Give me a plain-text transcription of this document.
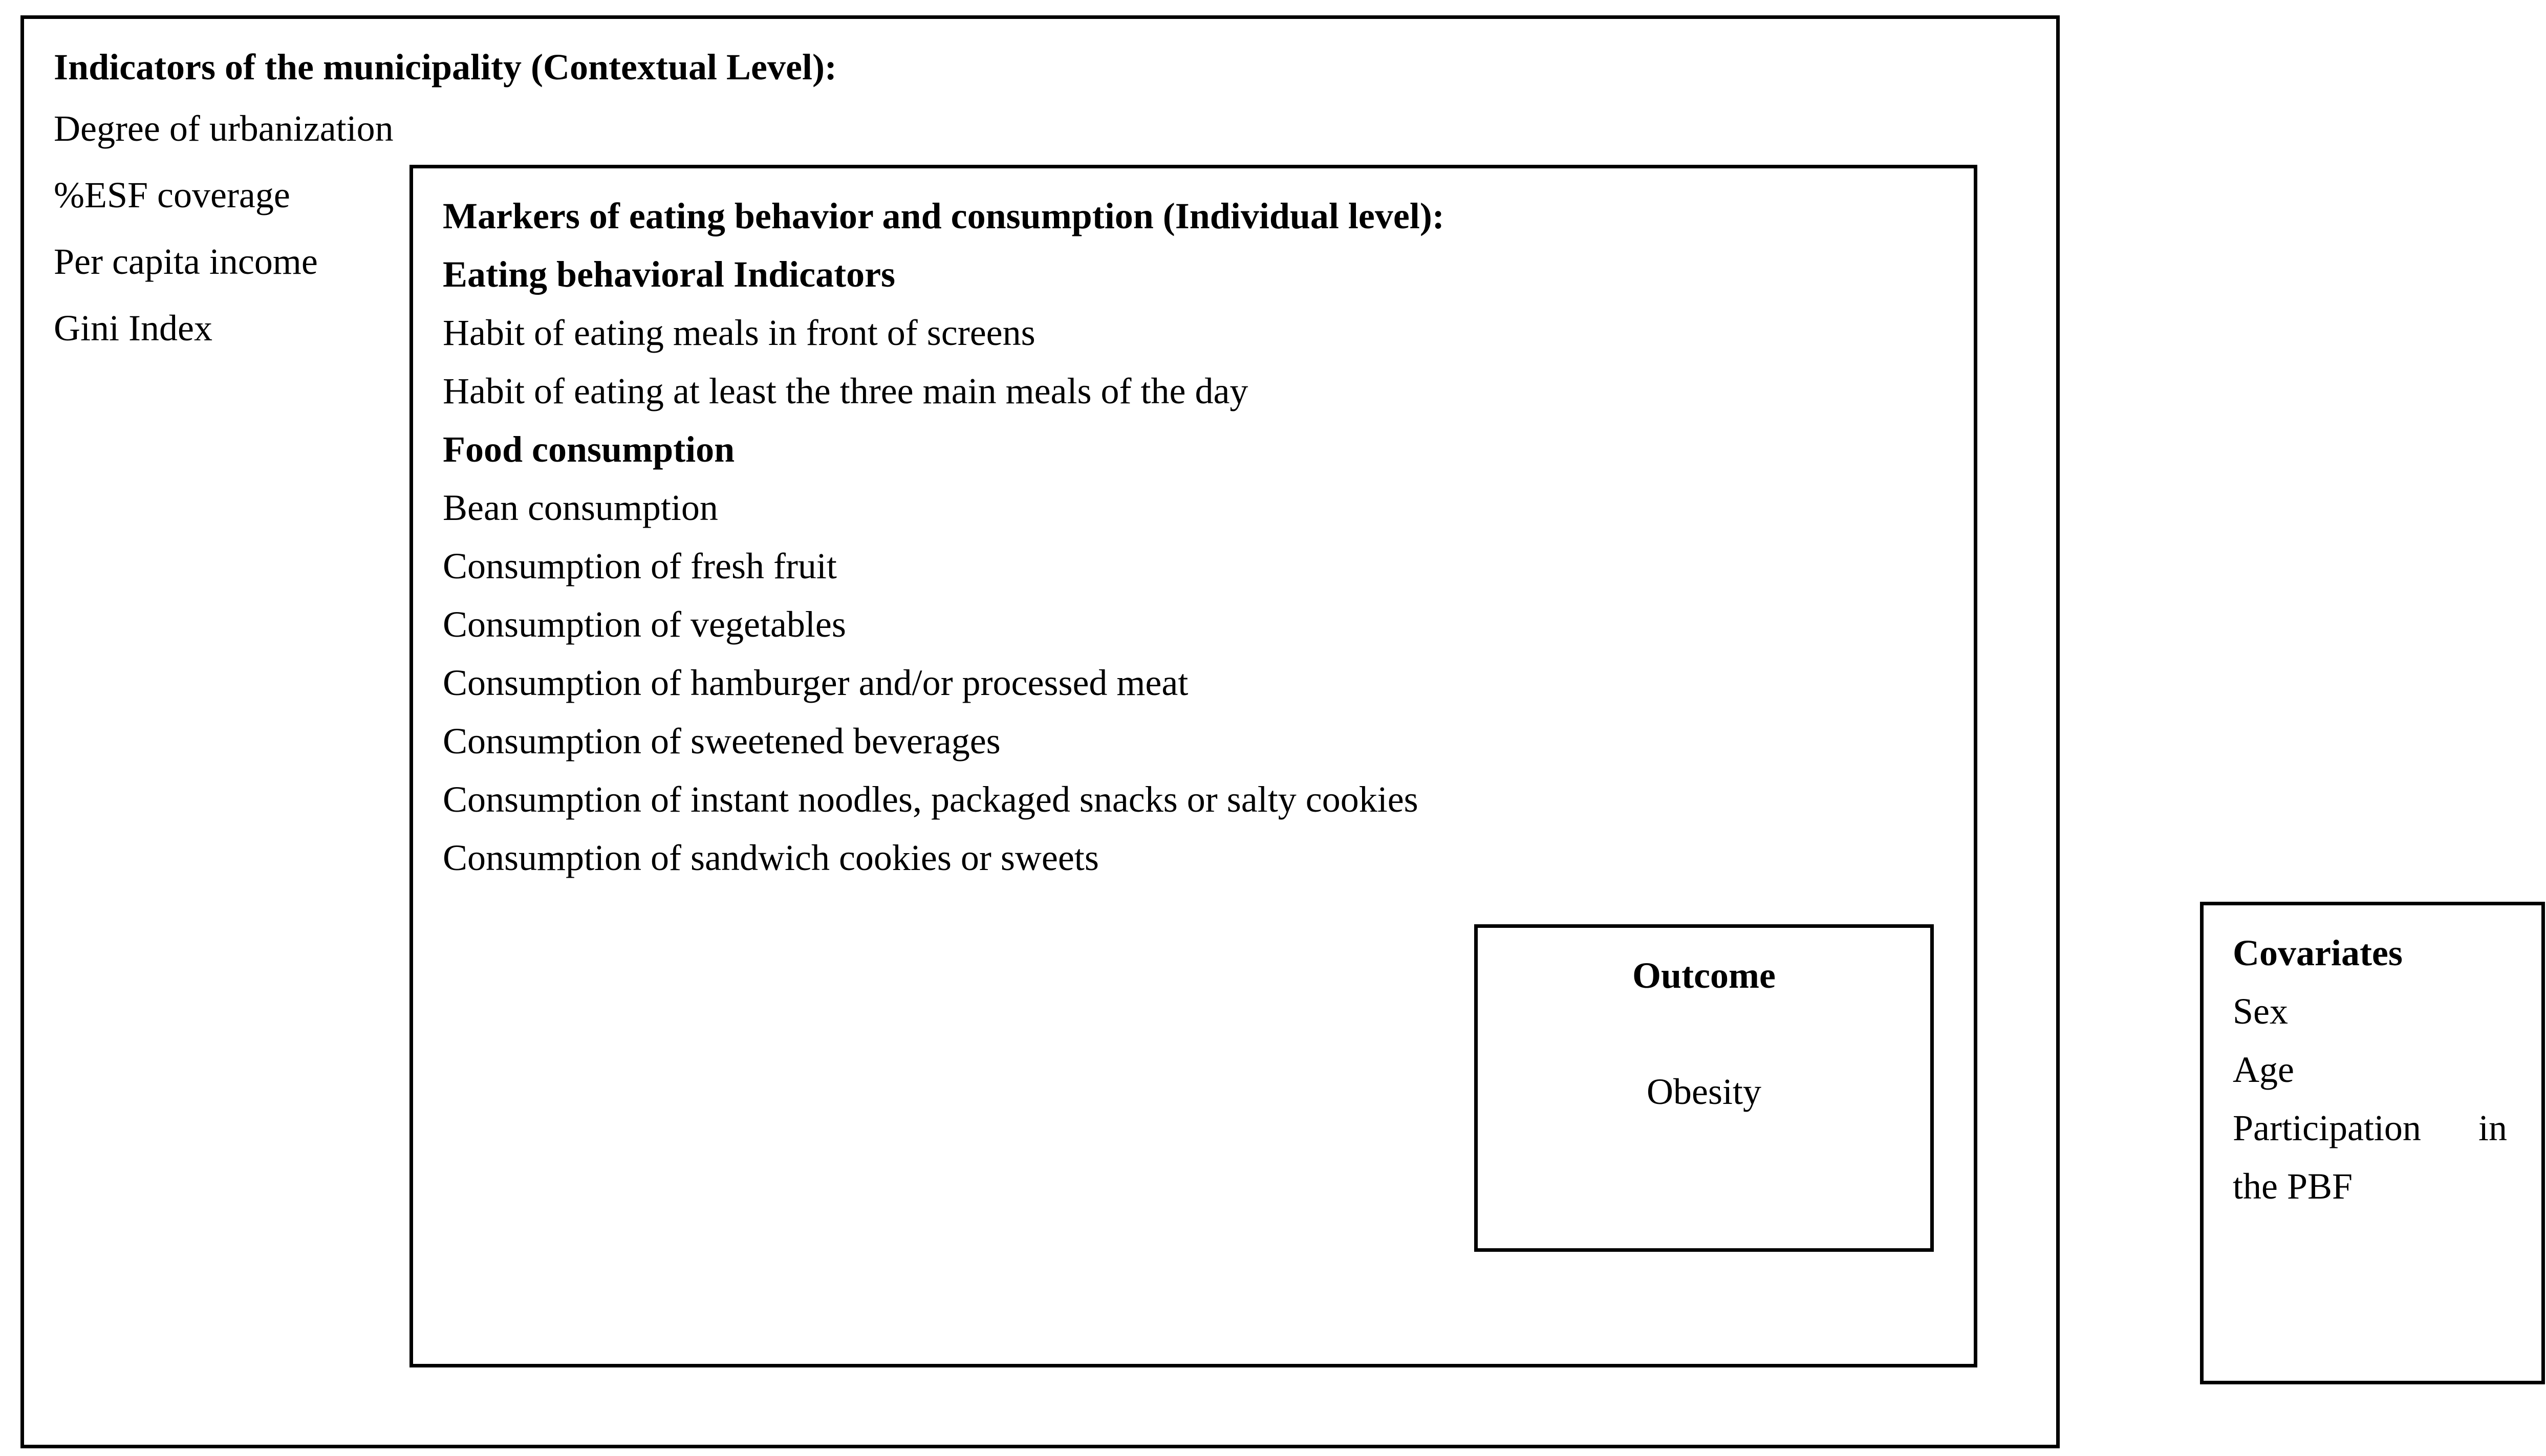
Indicators of the municipality (Contextual Level):
Degree of urbanization
%ESF coverage
Per capita income
Gini Index
Markers of eating behavior and consumption (Individual level):
Eating behavioral Indicators
Habit of eating meals in front of screens
Habit of eating at least the three main meals of the day
Food consumption
Bean consumption
Consumption of fresh fruit
Consumption of vegetables
Consumption of hamburger and/or processed meat
Consumption of sweetened beverages
Consumption of instant noodles, packaged snacks or salty cookies
Consumption of sandwich cookies or sweets
Outcome
Obesity
Covariates
Sex
Age
Participation in
the PBF
